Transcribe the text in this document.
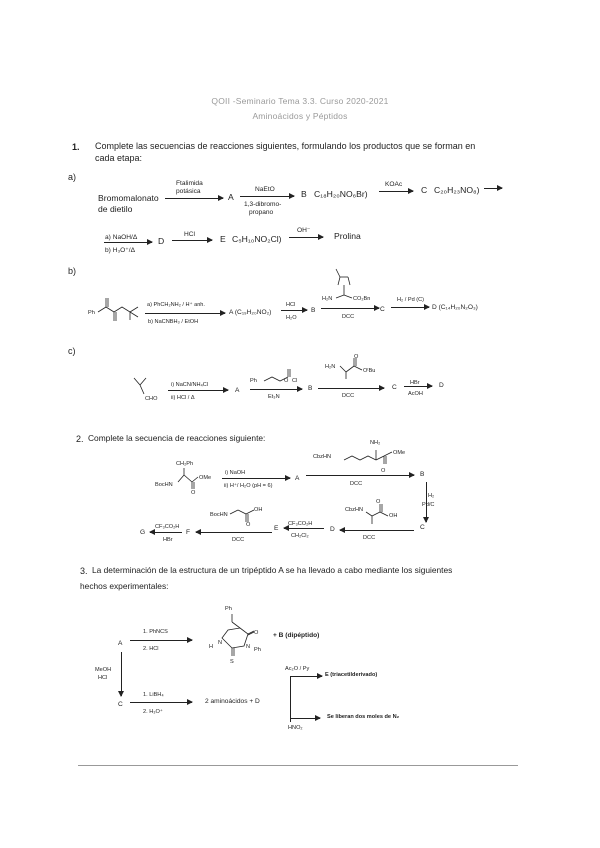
QOII -Seminario Tema 3.3. Curso 2020-2021
Aminoácidos y Péptidos
1. Complete las secuencias de reacciones siguientes, formulando los productos que se forman en
cada etapa:
a)
Bromomalonato
de dietilo
Ftalimida
potásica
A
NaEtO
1,3-dibromo-
propano
B C₁₈H₂₀NO₆Br)
KOAc
C C₂₀H₂₃NO₈)
a) NaOH/Δ
b) H₃O⁺/Δ
D
HCl	E C₅H₁₀NO₂Cl)
OH⁻
Prolina
b)
Ph
a) PhCH₂NH₂ / H⁺ anh.
b) NaCNBH₃ / EtOH
A (C₁₉H₂₀NO₂)
HCl
H₂O
B
H₂N	CO₂Bn
DCC
C
H₂ / Pd (C)
D (C₁₄H₂₀N₂O₃)
c)
CHO
i) NaCN/NH₄Cl
ii) HCl / Δ
A
Ph	O Cl
Et₃N
B
H₂N
O
OᵗBu
DCC
C
HBr
AcOH
D
2. Complete la secuencia de reacciones siguiente:
CH₂Ph
BocHN
OMe
O
i) NaOH
ii) H⁺/ H₂O (pH = 6)
A
NH₂
CbzHN
OMe
O
DCC
B
H₂
Pd/C
C
CbzHN
O
OH
DCC
D
CF₃CO₂H
CH₂Cl₂
E
BocHN
OH
O
DCC
F
CF₃CO₂H
HBr
G
3. La determinación de la estructura de un tripéptido A se ha llevado a cabo mediante los siguientes
hechos experimentales:
A
1. PhNCS
2. HCl
Ph
O
H
N
N Ph
S
+ B (dipéptido)
MeOH
HCl
C
1. LiBH₄
2. H₃O⁺
2 aminoácidos + D
Ac₂O / Py
E (triacetilderivado)
HNO₂
Se liberan dos moles de N₂
